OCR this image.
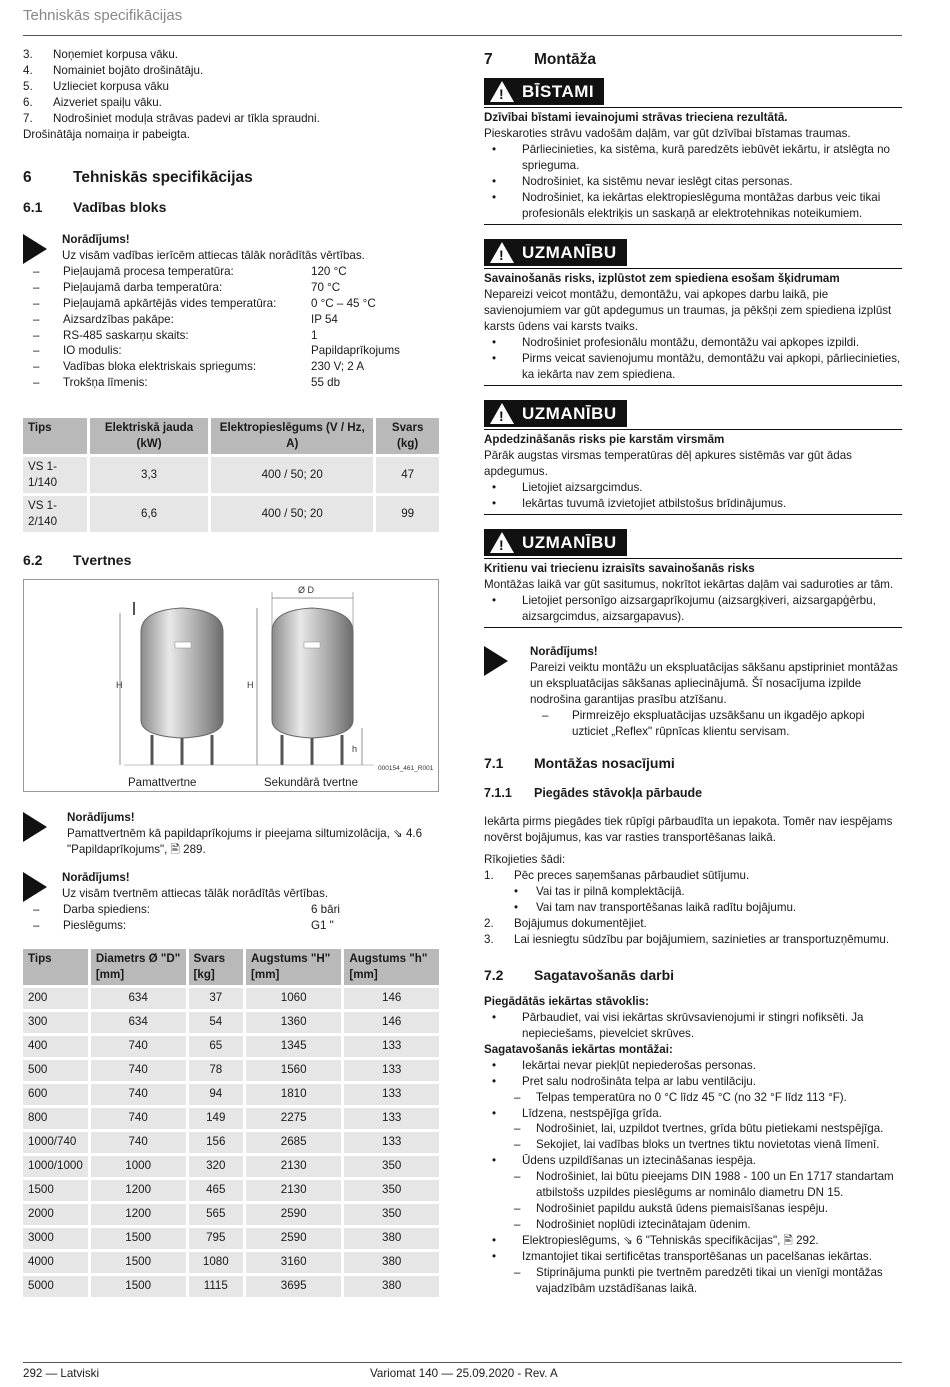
Tehniskās specifikācijas
3.	Noņemiet korpusa vāku.
4.	Nomainiet bojāto drošinātāju.
5.	Uzlieciet korpusa vāku
6.	Aizveriet spaiļu vāku.
7.	Nodrošiniet moduļa strāvas padevi ar tīkla spraudni.

Drošinātāja nomaiņa ir pabeigta.

6	Tehniskās specifikācijas
6.1	Vadības bloks

Norādījums!

Uz visām vadības ierīcēm attiecas tālāk norādītās vērtības.

–	Pieļaujamā procesa temperatūra:	120 °C
–	Pieļaujamā darba temperatūra:	70 °C
–	Pieļaujamā apkārtējās vides temperatūra:	0 °C – 45 °C
–	Aizsardzības pakāpe:	IP 54
–	RS-485 saskarņu skaits:	1
–	IO modulis:	Papildaprīkojums
–	Vadības bloka elektriskais spriegums:	230 V; 2 A
–	Trokšņa līmenis:	55 db
Tips	Elektriskā jauda (kW)	Elektropieslēgums (V / Hz, A)	Svars (kg)
VS 1-1/140	3,3	400 / 50; 20	47
VS 1-2/140	6,6	400 / 50; 20	99
6.2	Tvertnes
H
Ø D
H
h
000154_461_R001
Pamattvertne	Sekundārā tvertne

Norādījums!

Pamattvertnēm kā papildaprīkojums ir pieejama siltumizolācija, ⇘ 4.6 "Papildaprīkojums", 🖹 289.

Norādījums!

Uz visām tvertnēm attiecas tālāk norādītās vērtības.

–	Darba spiediens:	6 bāri
–	Pieslēgums:	G1 "
Tips	Diametrs Ø "D" [mm]	Svars [kg]	Augstums "H" [mm]	Augstums "h" [mm]
200	634	37	1060	146
300	634	54	1360	146
400	740	65	1345	133
500	740	78	1560	133
600	740	94	1810	133
800	740	149	2275	133
1000/740	740	156	2685	133
1000/1000	1000	320	2130	350
1500	1200	465	2130	350
2000	1200	565	2590	350
3000	1500	795	2590	380
4000	1500	1080	3160	380
5000	1500	1115	3695	380
7	Montāža
! BĪSTAMI

Dzīvībai bīstami ievainojumi strāvas trieciena rezultātā.

Pieskaroties strāvu vadošām daļām, var gūt dzīvībai bīstamas traumas.

•	Pārliecinieties, ka sistēma, kurā paredzēts iebūvēt iekārtu, ir atslēgta no sprieguma.
•	Nodrošiniet, ka sistēmu nevar ieslēgt citas personas.
•	Nodrošiniet, ka iekārtas elektropieslēguma montāžas darbus veic tikai profesionāls elektriķis un saskaņā ar elektrotehnikas noteikumiem.
! UZMANĪBU

Savainošanās risks, izplūstot zem spiediena esošam šķidrumam

Nepareizi veicot montāžu, demontāžu, vai apkopes darbu laikā, pie savienojumiem var gūt apdegumus un traumas, ja pēkšņi zem spiediena izplūst karsts ūdens vai karsts tvaiks.

•	Nodrošiniet profesionālu montāžu, demontāžu vai apkopes izpildi.
•	Pirms veicat savienojumu montāžu, demontāžu vai apkopi, pārliecinieties, ka iekārta nav zem spiediena.
! UZMANĪBU

Apdedzināšanās risks pie karstām virsmām

Pārāk augstas virsmas temperatūras dēļ apkures sistēmās var gūt ādas apdegumus.

•	Lietojiet aizsargcimdus.
•	Iekārtas tuvumā izvietojiet atbilstošus brīdinājumus.
! UZMANĪBU

Kritienu vai triecienu izraisīts savainošanās risks

Montāžas laikā var gūt sasitumus, nokrītot iekārtas daļām vai saduroties ar tām.

•	Lietojiet personīgo aizsargaprīkojumu (aizsargķiveri, aizsargapģērbu, aizsargcimdus, aizsargapavus).

Norādījums!

Pareizi veiktu montāžu un ekspluatācijas sākšanu apstipriniet montāžas un ekspluatācijas sākšanas apliecinājumā. Šī nosacījuma izpilde nodrošina garantijas prasību atzīšanu.

–	Pirmreizējo ekspluatācijas uzsākšanu un ikgadējo apkopi uzticiet „Reflex" rūpnīcas klientu servisam.
7.1	Montāžas nosacījumi
7.1.1	Piegādes stāvokļa pārbaude

Iekārta pirms piegādes tiek rūpīgi pārbaudīta un iepakota. Tomēr nav iespējams novērst bojājumus, kas var rasties transportēšanas laikā.

Rīkojieties šādi:

1.	Pēc preces saņemšanas pārbaudiet sūtījumu.
•	Vai tas ir pilnā komplektācijā.
•	Vai tam nav transportēšanas laikā radītu bojājumu.
2.	Bojājumus dokumentējiet.
3.	Lai iesniegtu sūdzību par bojājumiem, sazinieties ar transportuzņēmumu.
7.2	Sagatavošanās darbi

Piegādātās iekārtas stāvoklis:

•	Pārbaudiet, vai visi iekārtas skrūvsavienojumi ir stingri nofiksēti. Ja nepieciešams, pievelciet skrūves.

Sagatavošanās iekārtas montāžai:

•	Iekārtai nevar piekļūt nepiederošas personas.
•	Pret salu nodrošināta telpa ar labu ventilāciju.
–	Telpas temperatūra no 0 °C līdz 45 °C (no 32 °F līdz 113 °F).
•	Līdzena, nestspējīga grīda.
–	Nodrošiniet, lai, uzpildot tvertnes, grīda būtu pietiekami nestspējīga.
–	Sekojiet, lai vadības bloks un tvertnes tiktu novietotas vienā līmenī.
•	Ūdens uzpildīšanas un iztecināšanas iespēja.
–	Nodrošiniet, lai būtu pieejams DIN 1988 - 100 un En 1717 standartam atbilstošs uzpildes pieslēgums ar nominālo diametru DN 15.
–	Nodrošiniet papildu aukstā ūdens piemaisīšanas iespēju.
–	Nodrošiniet noplūdi iztecinātajam ūdenim.
•	Elektropieslēgums, ⇘ 6 "Tehniskās specifikācijas", 🖹 292.
•	Izmantojiet tikai sertificētas transportēšanas un pacelšanas iekārtas.
–	Stiprinājuma punkti pie tvertnēm paredzēti tikai un vienīgi montāžas vajadzībām uzstādīšanas laikā.
292 — Latviski	Variomat 140 — 25.09.2020 - Rev. A
